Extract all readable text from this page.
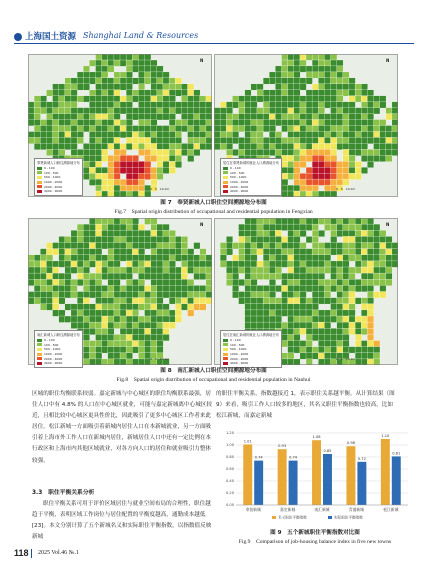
上海国土资源 Shanghai Land & Resources
奉贤新城人口职住溯源地分布
0 - 100
100 - 500
500 - 1000
1000 - 2000
2000 - 4000
4000 - 9000
居住在奉贤新城的就业人口溯源地分布
0 - 100
100 - 500
500 - 1000
1000 - 2000
2000 - 4000
4000 - 9000
0　5　10 km	0　5　10 km
N	N
图 7　奉贤新城人口职住空间溯源地分布图
Fig.7　Spatial origin distribution of occupational and residential population in Fengxian
南汇新城人口职住溯源地分布
0 - 100
100 - 500
500 - 1000
1000 - 2000
2000 - 4000
4000 - 9000
居住在南汇新城的就业人口溯源地分布
0 - 100
100 - 500
500 - 1000
1000 - 2000
2000 - 4000
4000 - 9000
0　5　10 km	0　5　10 km
N	N
图 8　南汇新城人口职住空间溯源地分布图
Fig.8　Spatial origin distribution of occupational and residential population in Nanhui

区城的职住均衡联系较弱。嘉定新城与中心城区的职住均衡联系最强，居住人口中有 4.8% 的人口在中心城区就业，可能与嘉定新城离中心城区较近，且相比较中心城区更具性价比，因此吸引了更多中心城区工作者来此居住。松江新城一方面吸引着新城内居住人口在本新城就业，另一方面吸引着上海市外工作人口在新城内居住，新城居住人口中还有一定比例在本行政区和上海市内其他区域就业，对各方向人口的居住和就业吸引力整体较强。

3.3　职住平衡关系分析

职住平衡关系可用于评价区域居住与就业空间布局的合理性，职住越趋于平衡，表明区域工作岗位与居住配置的平衡度越高，通勤成本越低 [23]。本文分别计算了五个新城名义和实际职住平衡指数，以指数值反映新城

的职住平衡关系，指数越接近 1，表示职住关系越平衡。从计算结果（图 9）来看，吸引工作人口较多的地区，其名义职住平衡指数也较高，比如松江新城，而嘉定新城

0.00
0.20
0.40
0.60
0.80
1.00
1.20
1.01
0.74
奉贤新城
0.93
0.74
嘉定新城
1.08
0.85
南汇新城
0.98
0.72
青浦新城
1.10
0.81
松江新城
名义职住平衡指数	实际职住平衡指数
图 9　五个新城职住平衡指数对比图
Fig.9　Comparison of job-housing balance index in five new towns
118 2025 Vol.46 №.1
